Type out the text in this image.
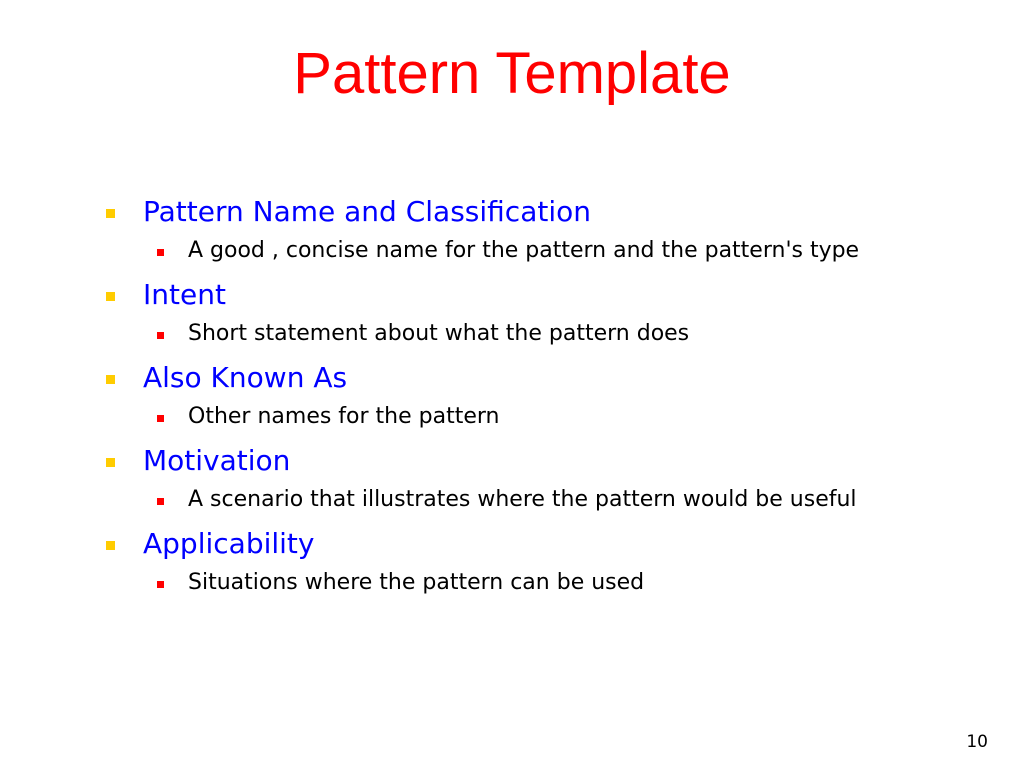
Pattern Template
Pattern Name and Classification
A good , concise name for the pattern and the pattern's type
Intent
Short statement about what the pattern does
Also Known As
Other names for the pattern
Motivation
A scenario that illustrates where the pattern would be useful
Applicability
Situations where the pattern can be used
10
